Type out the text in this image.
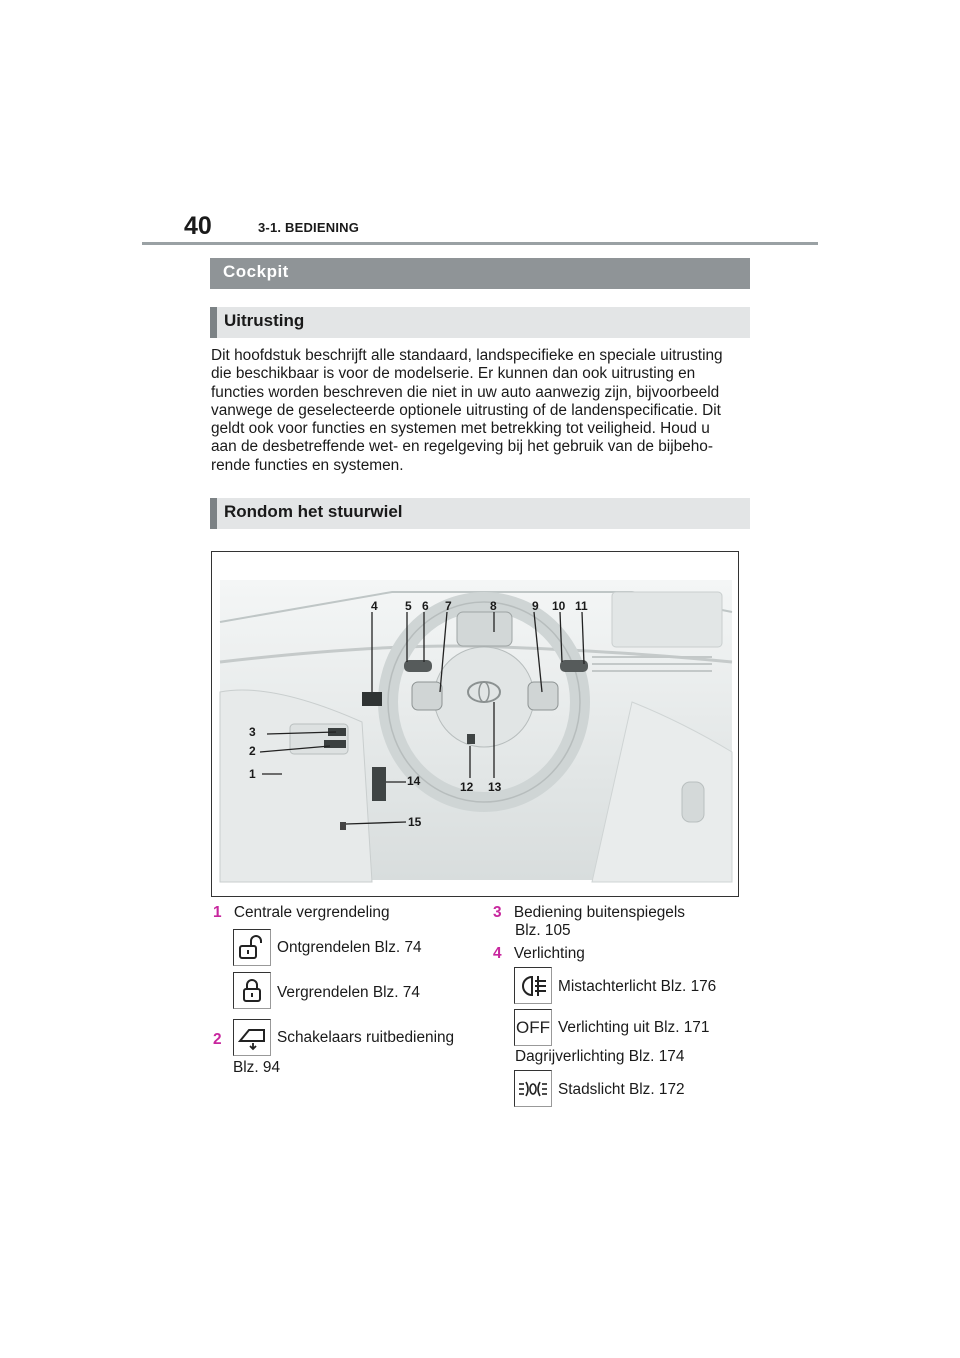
40	3-1. BEDIENING
Cockpit
Uitrusting
Dit hoofdstuk beschrijft alle standaard, landspecifieke en speciale uitrusting
die beschikbaar is voor de modelserie. Er kunnen dan ook uitrusting en
functies worden beschreven die niet in uw auto aanwezig zijn, bijvoorbeeld
vanwege de geselecteerde optionele uitrusting of de landenspecificatie. Dit
geldt ook voor functies en systemen met betrekking tot veiligheid. Houd u
aan de desbetreffende wet- en regelgeving bij het gebruik van de bijbeho-
rende functies en systemen.
Rondom het stuurwiel
4 5 6 7	8	9 10 11
3
2
1
12 13
14
15
1 Centrale vergrendeling
Ontgrendelen Blz. 74
Vergrendelen Blz. 74
2	Schakelaars ruitbediening
Blz. 94
3 Bediening buitenspiegels
Blz. 105
4 Verlichting
Mistachterlicht Blz. 176
OFF Verlichting uit Blz. 171
Dagrijverlichting Blz. 174
Stadslicht Blz. 172
